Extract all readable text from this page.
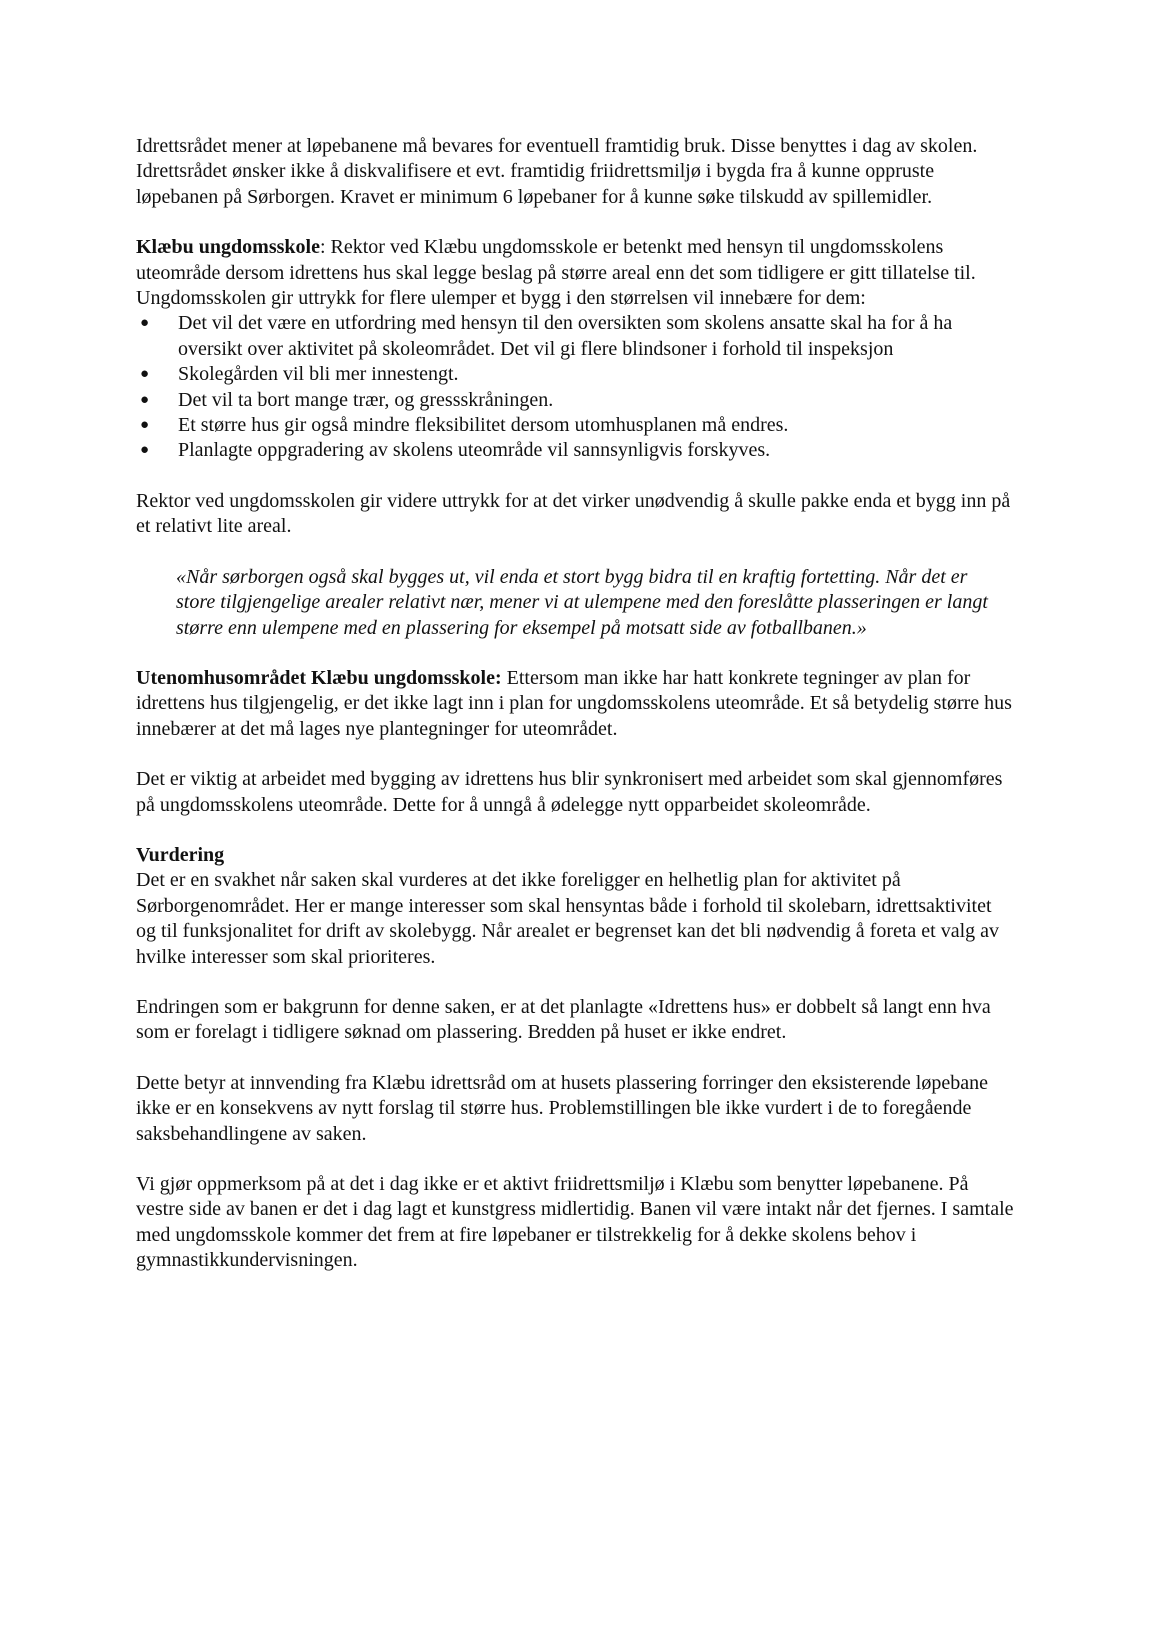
Idrettsrådet mener at løpebanene må bevares for eventuell framtidig bruk. Disse benyttes i dag av skolen. Idrettsrådet ønsker ikke å diskvalifisere et evt. framtidig friidrettsmiljø i bygda fra å kunne oppruste løpebanen på Sørborgen. Kravet er minimum 6 løpebaner for å kunne søke tilskudd av spillemidler.

Klæbu ungdomsskole: Rektor ved Klæbu ungdomsskole er betenkt med hensyn til ungdomsskolens uteområde dersom idrettens hus skal legge beslag på større areal enn det som tidligere er gitt tillatelse til. Ungdomsskolen gir uttrykk for flere ulemper et bygg i den størrelsen vil innebære for dem:

● Det vil det være en utfordring med hensyn til den oversikten som skolens ansatte skal ha for å ha oversikt over aktivitet på skoleområdet. Det vil gi flere blindsoner i forhold til inspeksjon
● Skolegården vil bli mer innestengt.
● Det vil ta bort mange trær, og gressskråningen.
● Et større hus gir også mindre fleksibilitet dersom utomhusplanen må endres.
● Planlagte oppgradering av skolens uteområde vil sannsynligvis forskyves.

Rektor ved ungdomsskolen gir videre uttrykk for at det virker unødvendig å skulle pakke enda et bygg inn på et relativt lite areal.

«Når sørborgen også skal bygges ut, vil enda et stort bygg bidra til en kraftig fortetting. Når det er store tilgjengelige arealer relativt nær, mener vi at ulempene med den foreslåtte plasseringen er langt større enn ulempene med en plassering for eksempel på motsatt side av fotballbanen.»

Utenomhusområdet Klæbu ungdomsskole: Ettersom man ikke har hatt konkrete tegninger av plan for idrettens hus tilgjengelig, er det ikke lagt inn i plan for ungdomsskolens uteområde. Et så betydelig større hus innebærer at det må lages nye plantegninger for uteområdet.

Det er viktig at arbeidet med bygging av idrettens hus blir synkronisert med arbeidet som skal gjennomføres på ungdomsskolens uteområde. Dette for å unngå å ødelegge nytt opparbeidet skoleområde.

Vurdering

Det er en svakhet når saken skal vurderes at det ikke foreligger en helhetlig plan for aktivitet på Sørborgenområdet. Her er mange interesser som skal hensyntas både i forhold til skolebarn, idrettsaktivitet og til funksjonalitet for drift av skolebygg. Når arealet er begrenset kan det bli nødvendig å foreta et valg av hvilke interesser som skal prioriteres.

Endringen som er bakgrunn for denne saken, er at det planlagte «Idrettens hus» er dobbelt så langt enn hva som er forelagt i tidligere søknad om plassering. Bredden på huset er ikke endret.

Dette betyr at innvending fra Klæbu idrettsråd om at husets plassering forringer den eksisterende løpebane ikke er en konsekvens av nytt forslag til større hus. Problemstillingen ble ikke vurdert i de to foregående saksbehandlingene av saken.

Vi gjør oppmerksom på at det i dag ikke er et aktivt friidrettsmiljø i Klæbu som benytter løpebanene. På vestre side av banen er det i dag lagt et kunstgress midlertidig. Banen vil være intakt når det fjernes. I samtale med ungdomsskole kommer det frem at fire løpebaner er tilstrekkelig for å dekke skolens behov i gymnastikkundervisningen.
